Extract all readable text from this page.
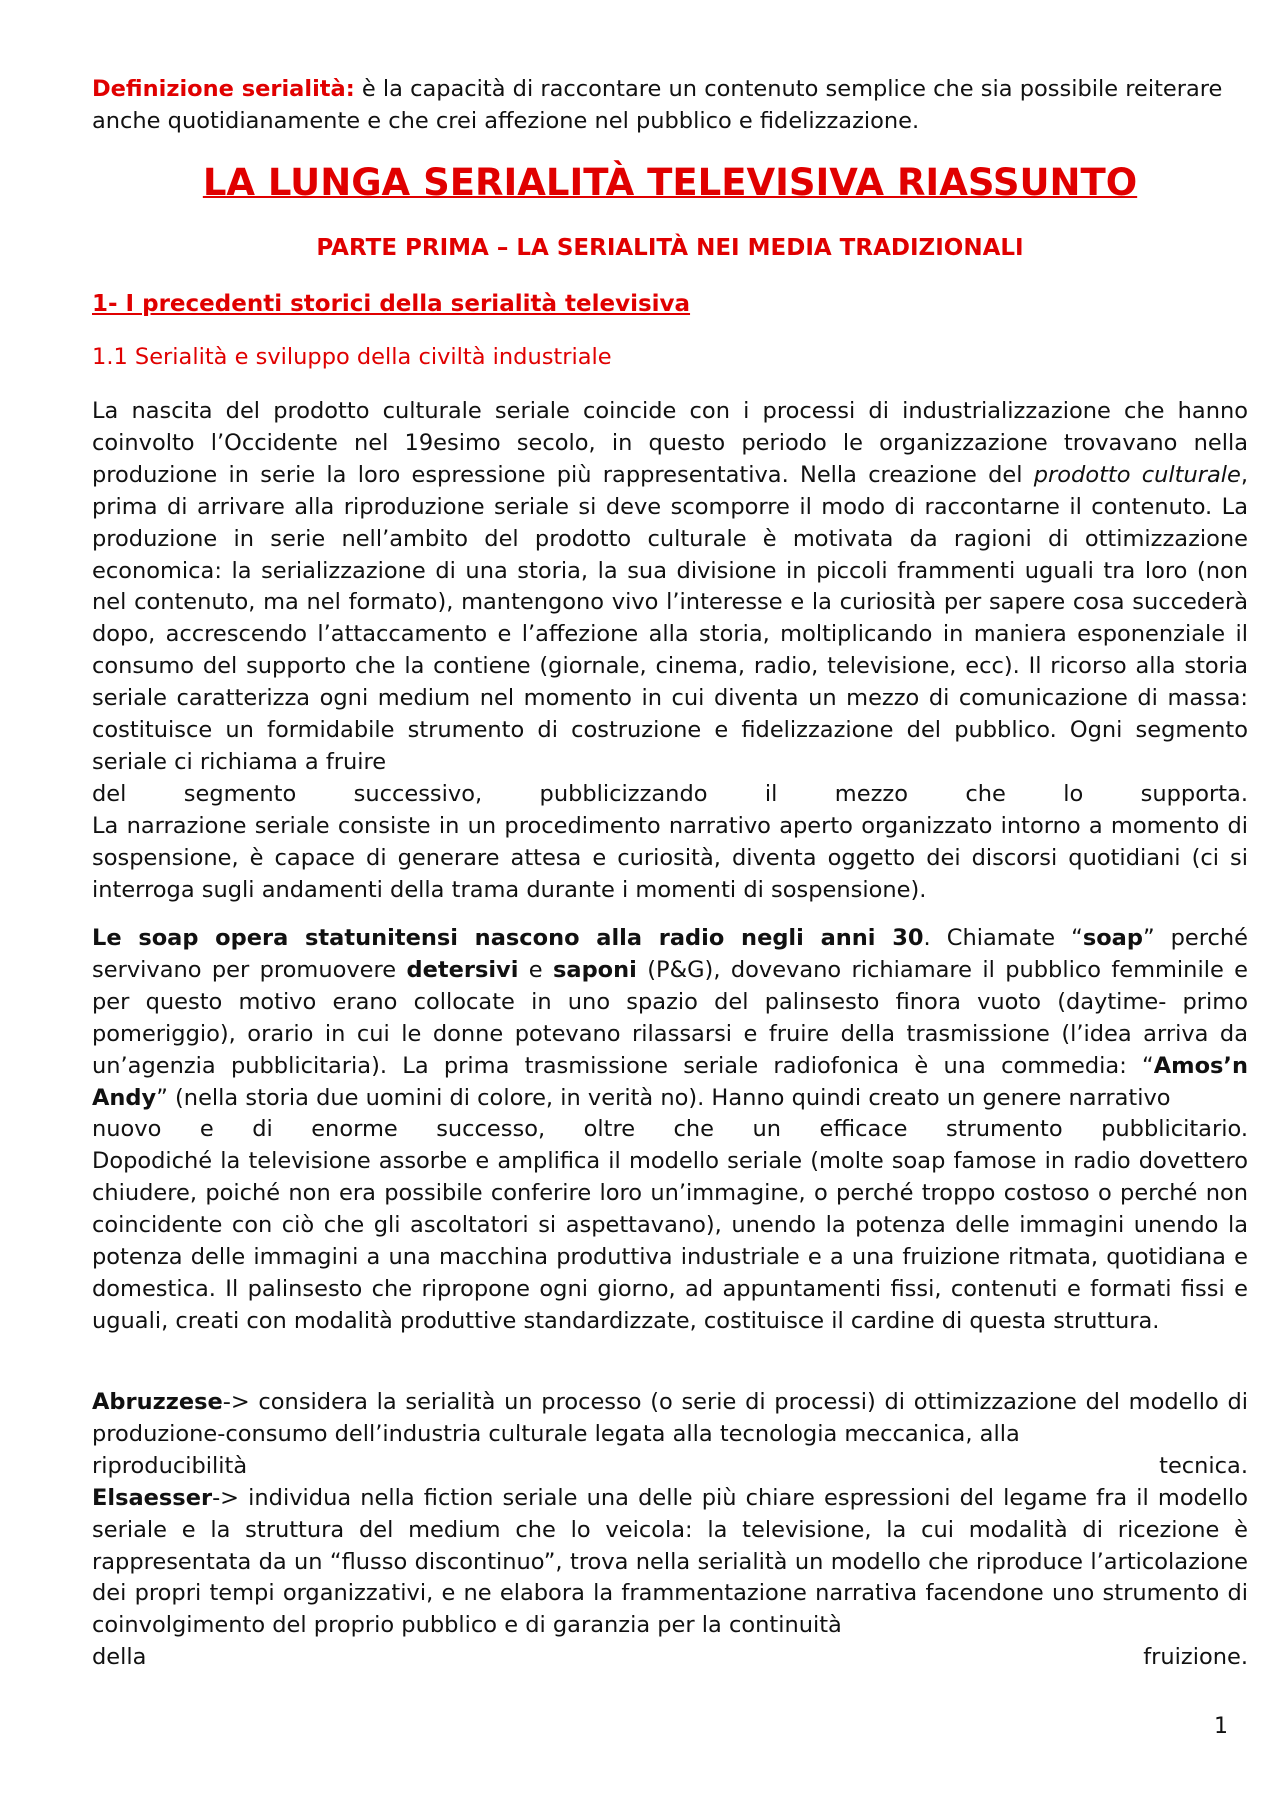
Definizione serialità: è la capacità di raccontare un contenuto semplice che sia possibile reiterare anche quotidianamente e che crei affezione nel pubblico e fidelizzazione.

LA LUNGA SERIALITÀ TELEVISIVA RIASSUNTO
PARTE PRIMA – LA SERIALITÀ NEI MEDIA TRADIZIONALI
1- I precedenti storici della serialità televisiva
1.1 Serialità e sviluppo della civiltà industriale

La nascita del prodotto culturale seriale coincide con i processi di industrializzazione che hanno coinvolto l’Occidente nel 19esimo secolo, in questo periodo le organizzazione trovavano nella produzione in serie la loro espressione più rappresentativa. Nella creazione del prodotto culturale, prima di arrivare alla riproduzione seriale si deve scomporre il modo di raccontarne il contenuto. La produzione in serie nell’ambito del prodotto culturale è motivata da ragioni di ottimizzazione economica: la serializzazione di una storia, la sua divisione in piccoli frammenti uguali tra loro (non nel contenuto, ma nel formato), mantengono vivo l’interesse e la curiosità per sapere cosa succederà dopo, accrescendo l’attaccamento e l’affezione alla storia, moltiplicando in maniera esponenziale il consumo del supporto che la contiene (giornale, cinema, radio, televisione, ecc). Il ricorso alla storia seriale caratterizza ogni medium nel momento in cui diventa un mezzo di comunicazione di massa: costituisce un formidabile strumento di costruzione e fidelizzazione del pubblico. Ogni segmento seriale ci richiama a fruire
del segmento successivo, pubblicizzando il mezzo che lo supporta.
La narrazione seriale consiste in un procedimento narrativo aperto organizzato intorno a momento di sospensione, è capace di generare attesa e curiosità, diventa oggetto dei discorsi quotidiani (ci si interroga sugli andamenti della trama durante i momenti di sospensione).

Le soap opera statunitensi nascono alla radio negli anni 30. Chiamate “soap” perché servivano per promuovere detersivi e saponi (P&G), dovevano richiamare il pubblico femminile e per questo motivo erano collocate in uno spazio del palinsesto finora vuoto (daytime- primo pomeriggio), orario in cui le donne potevano rilassarsi e fruire della trasmissione (l’idea arriva da un’agenzia pubblicitaria). La prima trasmissione seriale radiofonica è una commedia: “Amos’n Andy” (nella storia due uomini di colore, in verità no). Hanno quindi creato un genere narrativo
nuovo e di enorme successo, oltre che un efficace strumento pubblicitario.
Dopodiché la televisione assorbe e amplifica il modello seriale (molte soap famose in radio dovettero chiudere, poiché non era possibile conferire loro un’immagine, o perché troppo costoso o perché non coincidente con ciò che gli ascoltatori si aspettavano), unendo la potenza delle immagini unendo la potenza delle immagini a una macchina produttiva industriale e a una fruizione ritmata, quotidiana e domestica. Il palinsesto che ripropone ogni giorno, ad appuntamenti fissi, contenuti e formati fissi e uguali, creati con modalità produttive standardizzate, costituisce il cardine di questa struttura.

Abruzzese-> considera la serialità un processo (o serie di processi) di ottimizzazione del modello di produzione-consumo dell’industria culturale legata alla tecnologia meccanica, alla
riproducibilità tecnica.
Elsaesser-> individua nella fiction seriale una delle più chiare espressioni del legame fra il modello seriale e la struttura del medium che lo veicola: la televisione, la cui modalità di ricezione è rappresentata da un “flusso discontinuo”, trova nella serialità un modello che riproduce l’articolazione dei propri tempi organizzativi, e ne elabora la frammentazione narrativa facendone uno strumento di coinvolgimento del proprio pubblico e di garanzia per la continuità
della fruizione.

1
